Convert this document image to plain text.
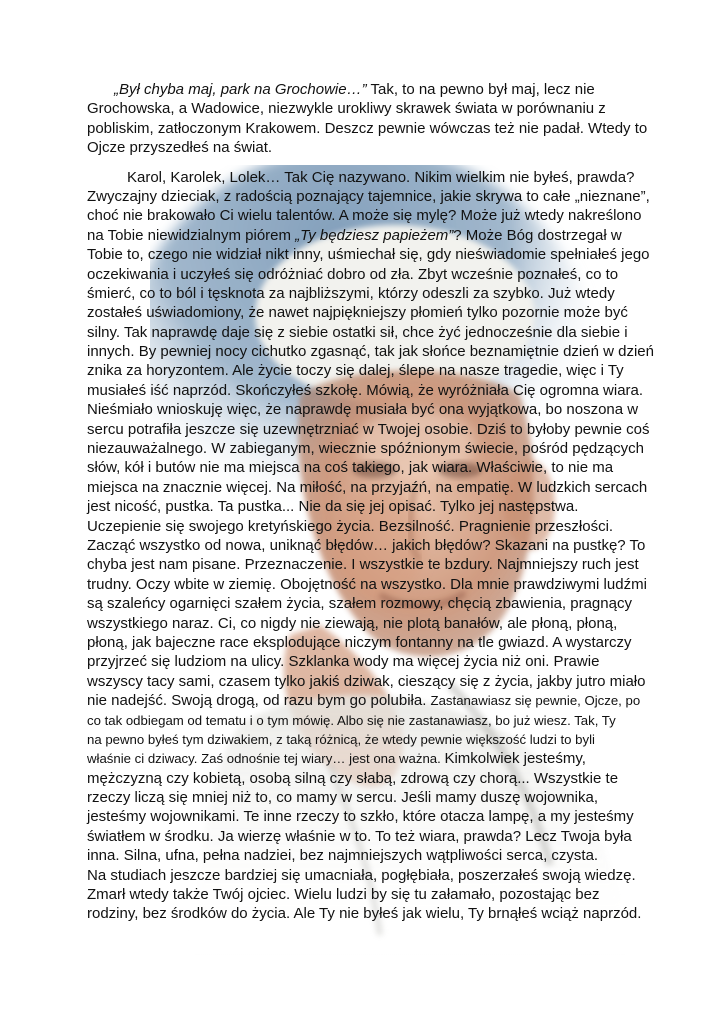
„Był chyba maj, park na Grochowie…” Tak, to na pewno był maj, lecz nie
Grochowska, a Wadowice, niezwykle urokliwy skrawek świata w porównaniu z
pobliskim, zatłoczonym Krakowem. Deszcz pewnie wówczas też nie padał. Wtedy to
Ojcze przyszedłeś na świat.

Karol, Karolek, Lolek… Tak Cię nazywano. Nikim wielkim nie byłeś, prawda?
Zwyczajny dzieciak, z radością poznający tajemnice, jakie skrywa to całe „nieznane”,
choć nie brakowało Ci wielu talentów. A może się mylę? Może już wtedy nakreślono
na Tobie niewidzialnym piórem „Ty będziesz papieżem”? Może Bóg dostrzegał w
Tobie to, czego nie widział nikt inny, uśmiechał się, gdy nieświadomie spełniałeś jego
oczekiwania i uczyłeś się odróżniać dobro od zła. Zbyt wcześnie poznałeś, co to
śmierć, co to ból i tęsknota za najbliższymi, którzy odeszli za szybko. Już wtedy
zostałeś uświadomiony, że nawet najpiękniejszy płomień tylko pozornie może być
silny. Tak naprawdę daje się z siebie ostatki sił, chce żyć jednocześnie dla siebie i
innych. By pewniej nocy cichutko zgasnąć, tak jak słońce beznamiętnie dzień w dzień
znika za horyzontem. Ale życie toczy się dalej, ślepe na nasze tragedie, więc i Ty
musiałeś iść naprzód. Skończyłeś szkołę. Mówią, że wyróżniała Cię ogromna wiara.
Nieśmiało wnioskuję więc, że naprawdę musiała być ona wyjątkowa, bo noszona w
sercu potrafiła jeszcze się uzewnętrzniać w Twojej osobie. Dziś to byłoby pewnie coś
niezauważalnego. W zabieganym, wiecznie spóźnionym świecie, pośród pędzących
słów, kół i butów nie ma miejsca na coś takiego, jak wiara. Właściwie, to nie ma
miejsca na znacznie więcej. Na miłość, na przyjaźń, na empatię. W ludzkich sercach
jest nicość, pustka. Ta pustka... Nie da się jej opisać. Tylko jej następstwa.
Uczepienie się swojego kretyńskiego życia. Bezsilność. Pragnienie przeszłości.
Zacząć wszystko od nowa, uniknąć błędów… jakich błędów? Skazani na pustkę? To
chyba jest nam pisane. Przeznaczenie. I wszystkie te bzdury. Najmniejszy ruch jest
trudny. Oczy wbite w ziemię. Obojętność na wszystko. Dla mnie prawdziwymi ludźmi
są szaleńcy ogarnięci szałem życia, szałem rozmowy, chęcią zbawienia, pragnący
wszystkiego naraz. Ci, co nigdy nie ziewają, nie plotą banałów, ale płoną, płoną,
płoną, jak bajeczne race eksplodujące niczym fontanny na tle gwiazd. A wystarczy
przyjrzeć się ludziom na ulicy. Szklanka wody ma więcej życia niż oni. Prawie
wszyscy tacy sami, czasem tylko jakiś dziwak, cieszący się z życia, jakby jutro miało
nie nadejść. Swoją drogą, od razu bym go polubiła. Zastanawiasz się pewnie, Ojcze, po

co tak odbiegam od tematu i o tym mówię. Albo się nie zastanawiasz, bo już wiesz. Tak, Ty
na pewno byłeś tym dziwakiem, z taką różnicą, że wtedy pewnie większość ludzi to byli
właśnie ci dziwacy. Zaś odnośnie tej wiary… jest ona ważna. Kimkolwiek jesteśmy,

mężczyzną czy kobietą, osobą silną czy słabą, zdrową czy chorą... Wszystkie te
rzeczy liczą się mniej niż to, co mamy w sercu. Jeśli mamy duszę wojownika,
jesteśmy wojownikami. Te inne rzeczy to szkło, które otacza lampę, a my jesteśmy
światłem w środku. Ja wierzę właśnie w to. To też wiara, prawda? Lecz Twoja była
inna. Silna, ufna, pełna nadziei, bez najmniejszych wątpliwości serca, czysta.
Na studiach jeszcze bardziej się umacniała, pogłębiała, poszerzałeś swoją wiedzę.
Zmarł wtedy także Twój ojciec. Wielu ludzi by się tu załamało, pozostając bez
rodziny, bez środków do życia. Ale Ty nie byłeś jak wielu, Ty brnąłeś wciąż naprzód.
